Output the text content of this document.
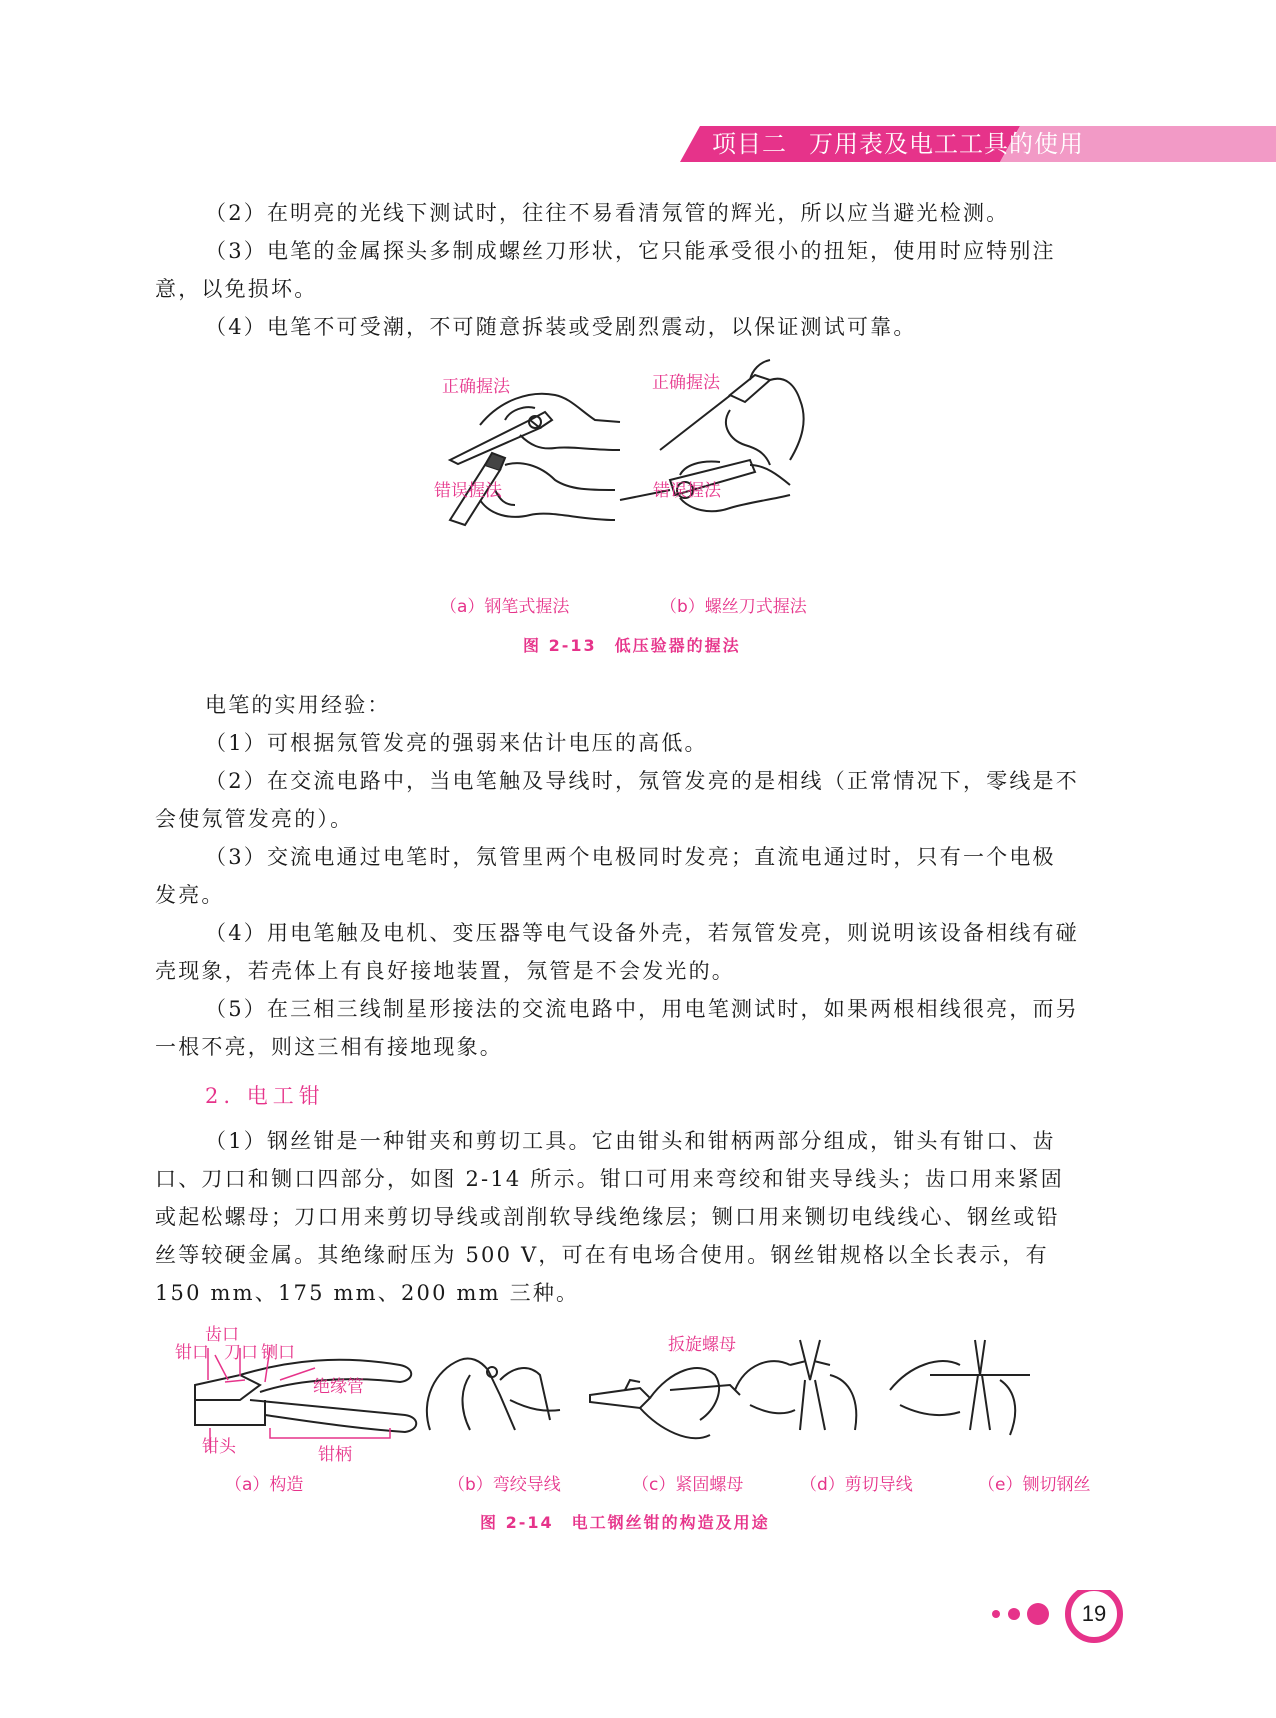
项目二 万用表及电工工具的使用

（2）在明亮的光线下测试时，往往不易看清氖管的辉光，所以应当避光检测。

（3）电笔的金属探头多制成螺丝刀形状，它只能承受很小的扭矩，使用时应特别注

意，以免损坏。

（4）电笔不可受潮，不可随意拆装或受剧烈震动，以保证测试可靠。

正确握法	正确握法
错误握法	错误握法
（a）钢笔式握法	（b）螺丝刀式握法
图 2-13　低压验器的握法

电笔的实用经验：

（1）可根据氖管发亮的强弱来估计电压的高低。

（2）在交流电路中，当电笔触及导线时，氖管发亮的是相线（正常情况下，零线是不

会使氖管发亮的）。

（3）交流电通过电笔时，氖管里两个电极同时发亮；直流电通过时，只有一个电极

发亮。

（4）用电笔触及电机、变压器等电气设备外壳，若氖管发亮，则说明该设备相线有碰

壳现象，若壳体上有良好接地装置，氖管是不会发光的。

（5）在三相三线制星形接法的交流电路中，用电笔测试时，如果两根相线很亮，而另

一根不亮，则这三相有接地现象。

2. 电工钳

（1）钢丝钳是一种钳夹和剪切工具。它由钳头和钳柄两部分组成，钳头有钳口、齿

口、刀口和铡口四部分，如图 2-14 所示。钳口可用来弯绞和钳夹导线头；齿口用来紧固

或起松螺母；刀口用来剪切导线或剖削软导线绝缘层；铡口用来铡切电线线心、钢丝或铅

丝等较硬金属。其绝缘耐压为 500 V，可在有电场合使用。钢丝钳规格以全长表示，有

150 mm、175 mm、200 mm 三种。

齿口
钳口 刀口 铡口
绝缘管
钳头	钳柄
扳旋螺母
（a）构造	（b）弯绞导线	（c）紧固螺母	（d）剪切导线	（e）铡切钢丝
图 2-14　电工钢丝钳的构造及用途
19
